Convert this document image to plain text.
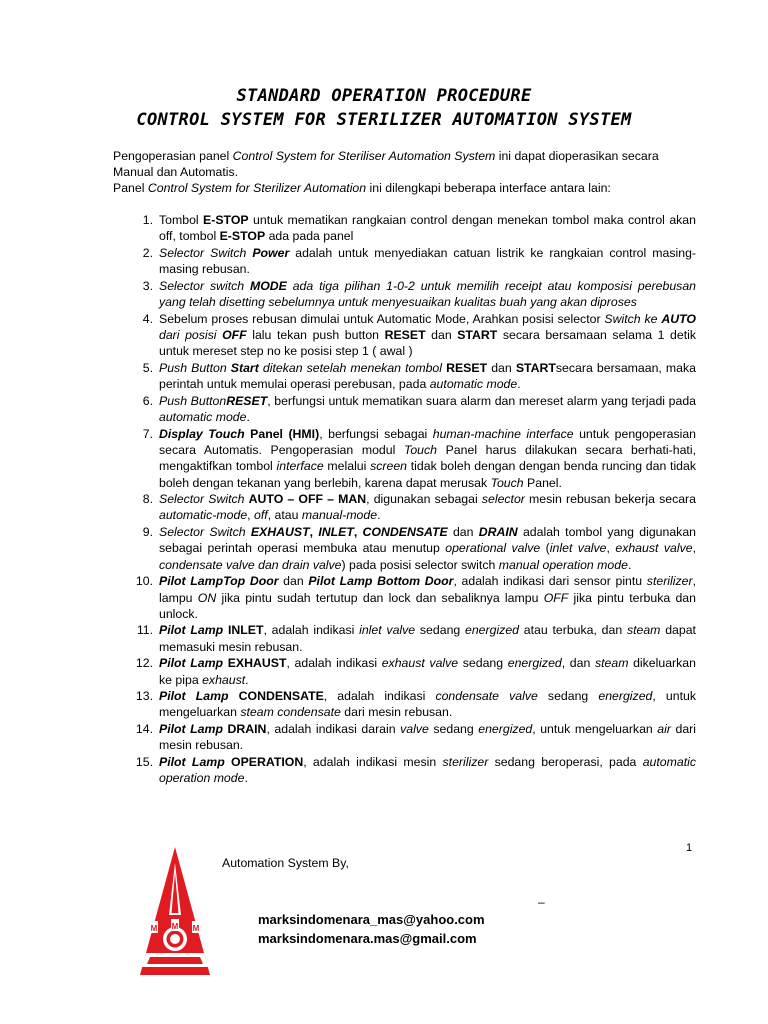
STANDARD OPERATION PROCEDURE
CONTROL SYSTEM FOR STERILIZER AUTOMATION SYSTEM

Pengoperasian panel Control System for Steriliser Automation System ini dapat dioperasikan secara Manual dan Automatis.

Panel Control System for Sterilizer Automation ini dilengkapi beberapa interface antara lain:

1. Tombol E-STOP untuk mematikan rangkaian control dengan menekan tombol maka control akan off, tombol E-STOP ada pada panel
2. Selector Switch Power adalah untuk menyediakan catuan listrik ke rangkaian control masing-masing rebusan.
3. Selector switch MODE ada tiga pilihan 1-0-2 untuk memilih receipt atau komposisi perebusan yang telah disetting sebelumnya untuk menyesuaikan kualitas buah yang akan diproses
4. Sebelum proses rebusan dimulai untuk Automatic Mode, Arahkan posisi selector Switch ke AUTO dari posisi OFF lalu tekan push button RESET dan START secara bersamaan selama 1 detik untuk mereset step no ke posisi step 1 ( awal )
5. Push Button Start ditekan setelah menekan tombol RESET dan STARTsecara bersamaan, maka perintah untuk memulai operasi perebusan, pada automatic mode.
6. Push ButtonRESET, berfungsi untuk mematikan suara alarm dan mereset alarm yang terjadi pada automatic mode.
7. Display Touch Panel (HMI), berfungsi sebagai human-machine interface untuk pengoperasian secara Automatis. Pengoperasian modul Touch Panel harus dilakukan secara berhati-hati, mengaktifkan tombol interface melalui screen tidak boleh dengan dengan benda runcing dan tidak boleh dengan tekanan yang berlebih, karena dapat merusak Touch Panel.
8. Selector Switch AUTO – OFF – MAN, digunakan sebagai selector mesin rebusan bekerja secara automatic-mode, off, atau manual-mode.
9. Selector Switch EXHAUST, INLET, CONDENSATE dan DRAIN adalah tombol yang digunakan sebagai perintah operasi membuka atau menutup operational valve (inlet valve, exhaust valve, condensate valve dan drain valve) pada posisi selector switch manual operation mode.
10. Pilot LampTop Door dan Pilot Lamp Bottom Door, adalah indikasi dari sensor pintu sterilizer, lampu ON jika pintu sudah tertutup dan lock dan sebaliknya lampu OFF jika pintu terbuka dan unlock.
11. Pilot Lamp INLET, adalah indikasi inlet valve sedang energized atau terbuka, dan steam dapat memasuki mesin rebusan.
12. Pilot Lamp EXHAUST, adalah indikasi exhaust valve sedang energized, dan steam dikeluarkan ke pipa exhaust.
13. Pilot Lamp CONDENSATE, adalah indikasi condensate valve sedang energized, untuk mengeluarkan steam condensate dari mesin rebusan.
14. Pilot Lamp DRAIN, adalah indikasi darain valve sedang energized, untuk mengeluarkan air dari mesin rebusan.
15. Pilot Lamp OPERATION, adalah indikasi mesin sterilizer sedang beroperasi, pada automatic operation mode.
1
Automation System By,
–
marksindomenara_mas@yahoo.com
marksindomenara.mas@gmail.com
M M M
